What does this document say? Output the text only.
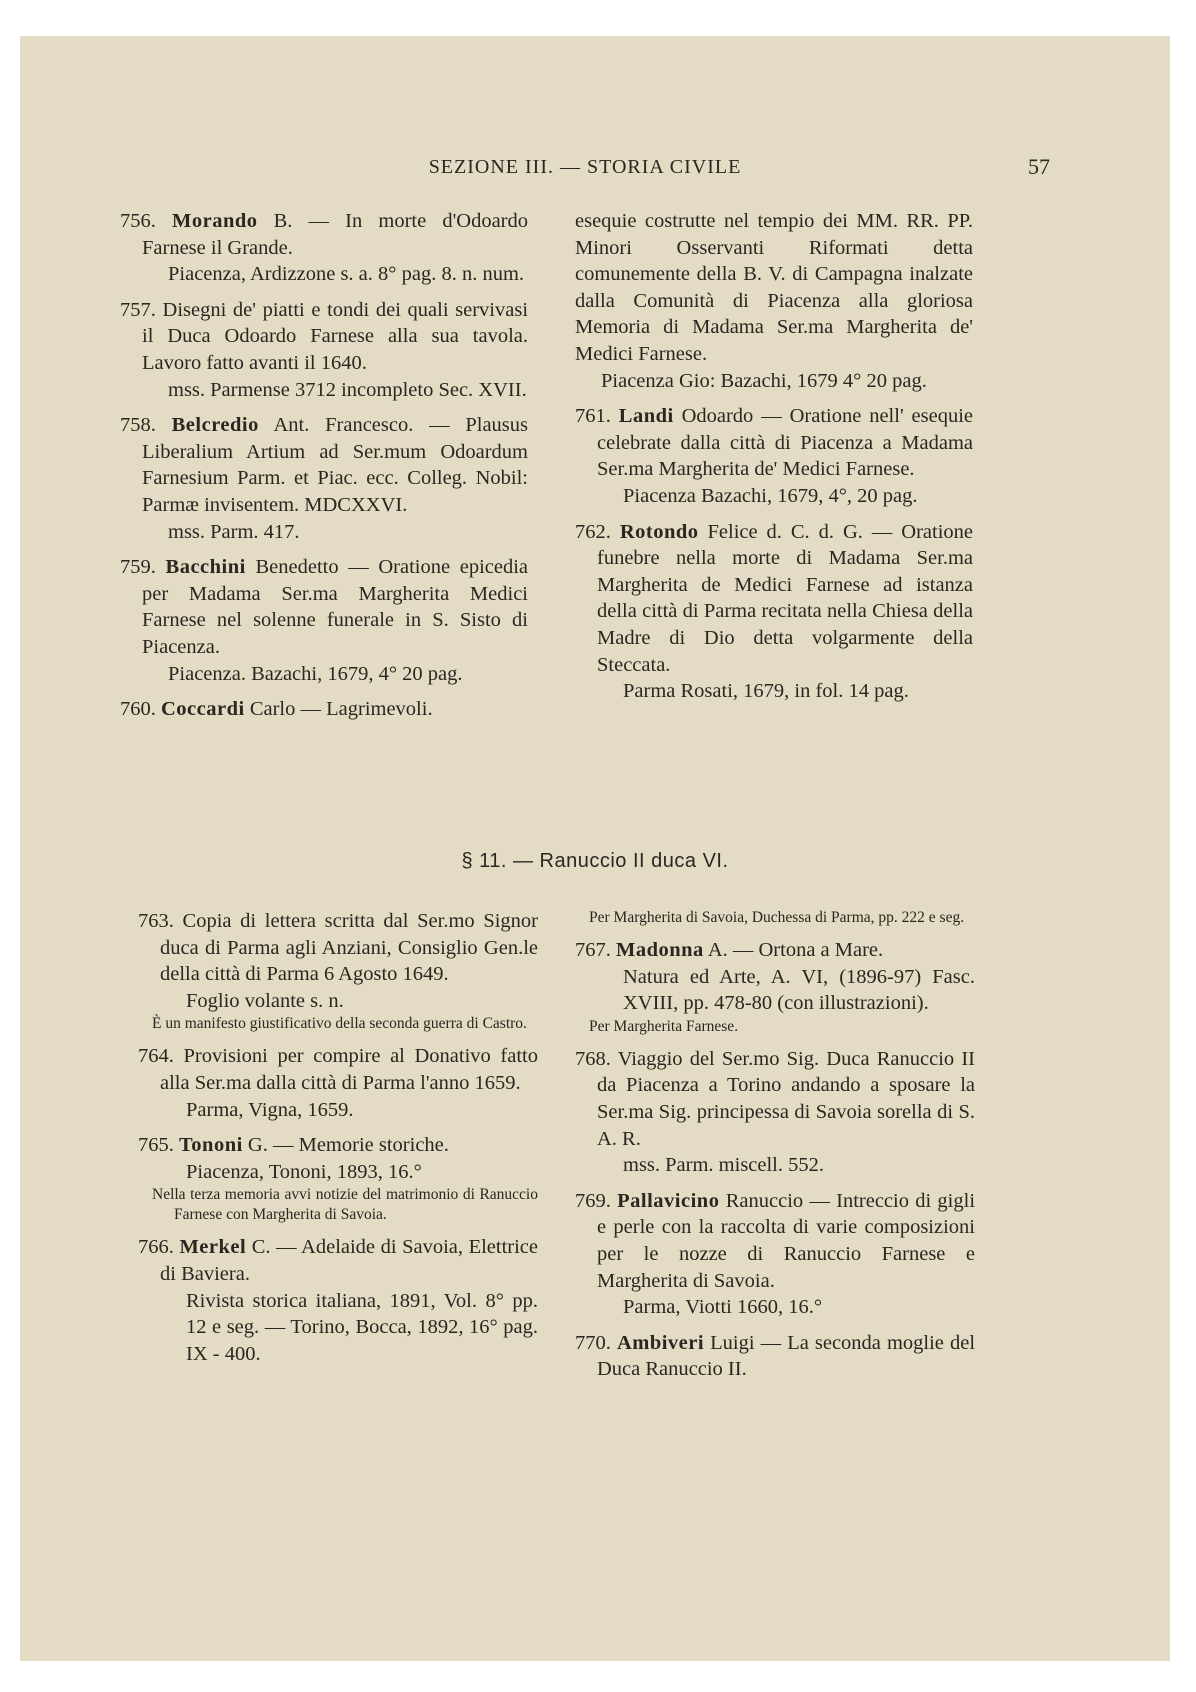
SEZIONE III. — STORIA CIVILE	57

756. Morando B. — In morte d'Odoardo Farnese il Grande.
Piacenza, Ardizzone s. a. 8° pag. 8. n. num.

757. Disegni de' piatti e tondi dei quali servivasi il Duca Odoardo Farnese alla sua tavola. Lavoro fatto avanti il 1640.
mss. Parmense 3712 incompleto Sec. XVII.

758. Belcredio Ant. Francesco. — Plausus Liberalium Artium ad Ser.mum Odoardum Farnesium Parm. et Piac. ecc. Colleg. Nobil: Parmæ invisentem. MDCXXVI.
mss. Parm. 417.

759. Bacchini Benedetto — Oratione epicedia per Madama Ser.ma Margherita Medici Farnese nel solenne funerale in S. Sisto di Piacenza.
Piacenza. Bazachi, 1679, 4° 20 pag.

760. Coccardi Carlo — Lagrimevoli.

esequie costrutte nel tempio dei MM. RR. PP. Minori Osservanti Riformati detta comunemente della B. V. di Campagna inalzate dalla Comunità di Piacenza alla gloriosa Memoria di Madama Ser.ma Margherita de' Medici Farnese.
Piacenza Gio: Bazachi, 1679 4° 20 pag.

761. Landi Odoardo — Oratione nell' esequie celebrate dalla città di Piacenza a Madama Ser.ma Margherita de' Medici Farnese.
Piacenza Bazachi, 1679, 4°, 20 pag.

762. Rotondo Felice d. C. d. G. — Oratione funebre nella morte di Madama Ser.ma Margherita de Medici Farnese ad istanza della città di Parma recitata nella Chiesa della Madre di Dio detta volgarmente della Steccata.
Parma Rosati, 1679, in fol. 14 pag.

§ 11. — Ranuccio II duca VI.

763. Copia di lettera scritta dal Ser.mo Signor duca di Parma agli Anziani, Consiglio Gen.le della città di Parma 6 Agosto 1649.
Foglio volante s. n.
È un manifesto giustificativo della seconda guerra di Castro.

764. Provisioni per compire al Donativo fatto alla Ser.ma dalla città di Parma l'anno 1659.
Parma, Vigna, 1659.

765. Tononi G. — Memorie storiche.
Piacenza, Tononi, 1893, 16.°
Nella terza memoria avvi notizie del matrimonio di Ranuccio Farnese con Margherita di Savoia.

766. Merkel C. — Adelaide di Savoia, Elettrice di Baviera.
Rivista storica italiana, 1891, Vol. 8° pp. 12 e seg. — Torino, Bocca, 1892, 16° pag. IX - 400.

Per Margherita di Savoia, Duchessa di Parma, pp. 222 e seg.

767. Madonna A. — Ortona a Mare.
Natura ed Arte, A. VI, (1896-97) Fasc. XVIII, pp. 478-80 (con illustrazioni).
Per Margherita Farnese.

768. Viaggio del Ser.mo Sig. Duca Ranuccio II da Piacenza a Torino andando a sposare la Ser.ma Sig. principessa di Savoia sorella di S. A. R.
mss. Parm. miscell. 552.

769. Pallavicino Ranuccio — Intreccio di gigli e perle con la raccolta di varie composizioni per le nozze di Ranuccio Farnese e Margherita di Savoia.
Parma, Viotti 1660, 16.°

770. Ambiveri Luigi — La seconda moglie del Duca Ranuccio II.
